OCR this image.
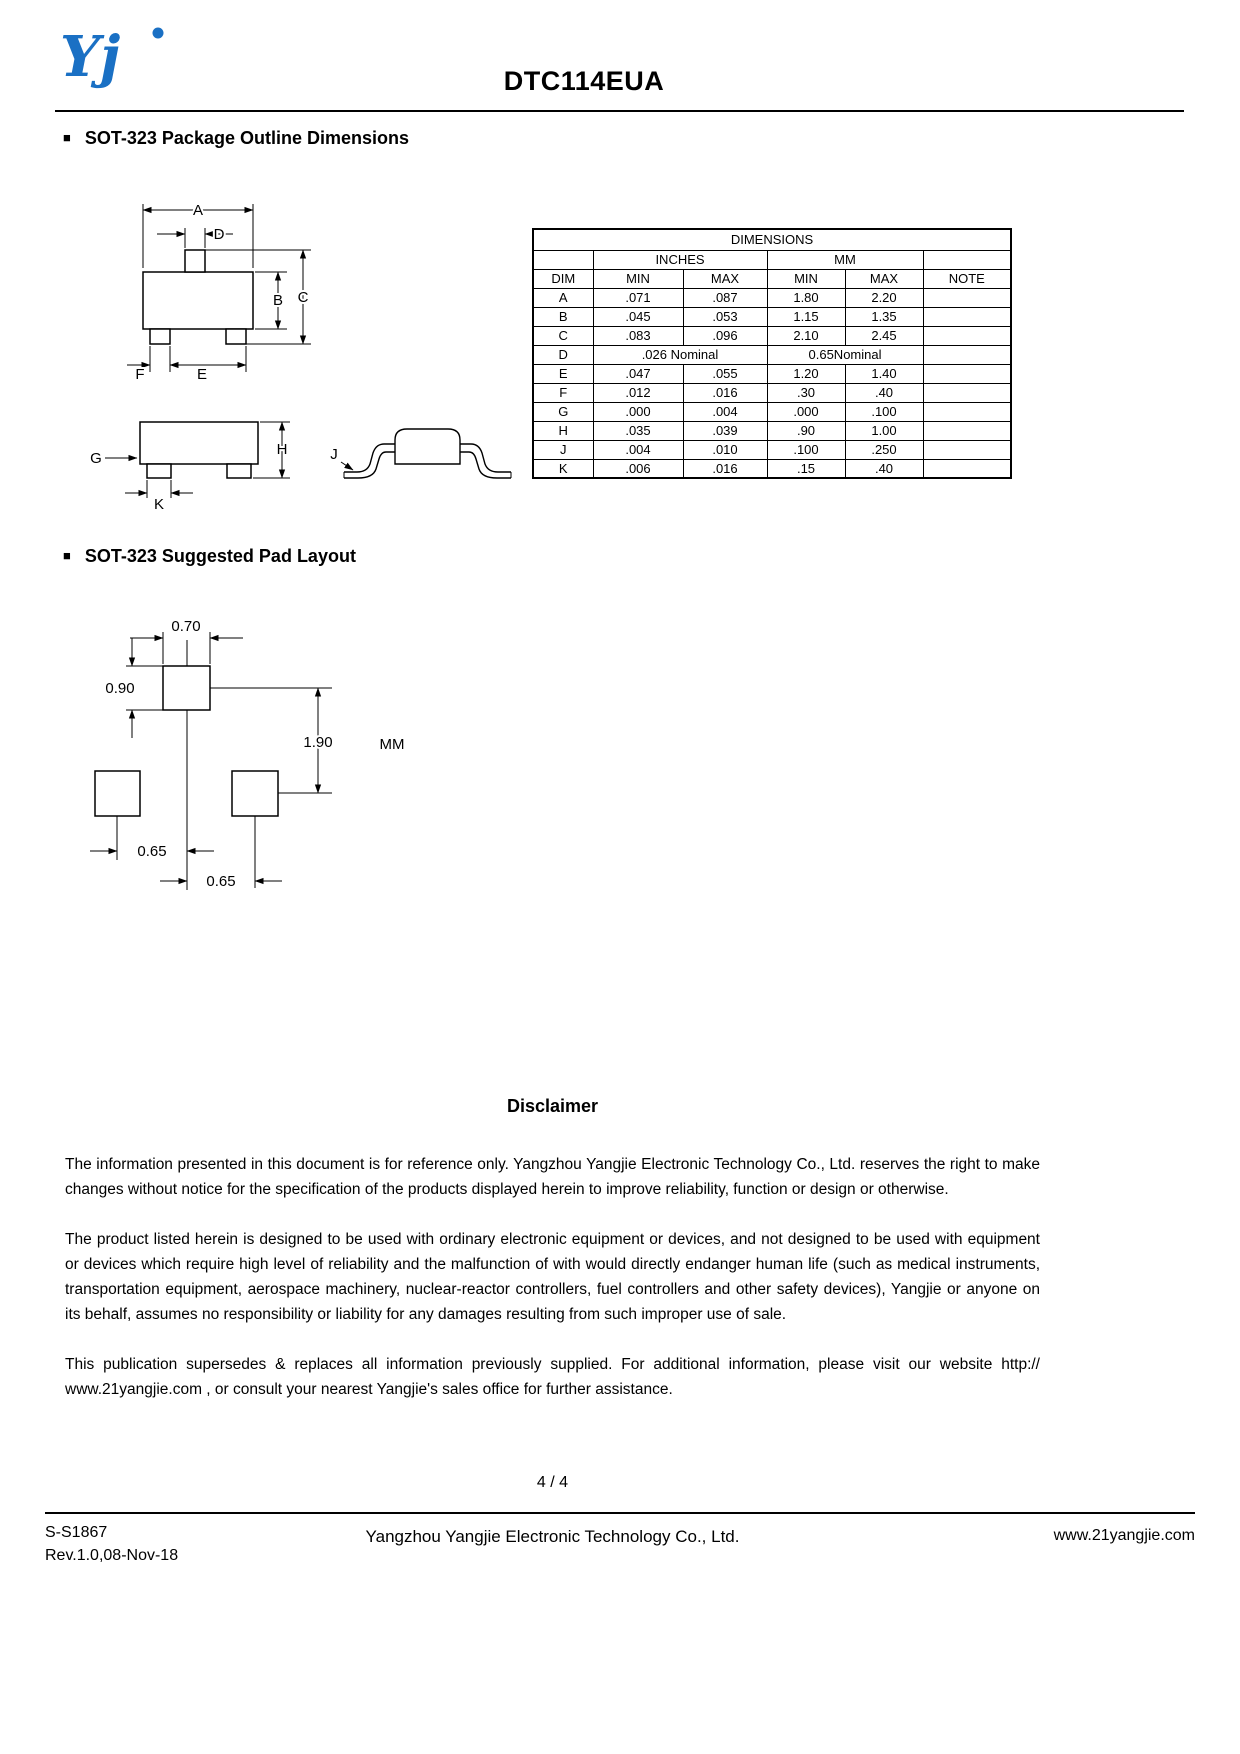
Yj	DTC114EUA
■ SOT-323 Package Outline Dimensions
A
D
B C
F	E
G
H
K
J
DIMENSIONS					
	INCHES		MM		
DIM	MIN	MAX	MIN	MAX	NOTE
A	.071	.087	1.80	2.20	
B	.045	.053	1.15	1.35	
C	.083	.096	2.10	2.45	
D	.026 Nominal		0.65Nominal		
E	.047	.055	1.20	1.40	
F	.012	.016	.30	.40	
G	.000	.004	.000	.100	
H	.035	.039	.90	1.00	
J	.004	.010	.100	.250	
K	.006	.016	.15	.40	
■ SOT-323 Suggested Pad Layout
0.70
0.90
1.90	MM
0.65
0.65
Disclaimer

The information presented in this document is for reference only. Yangzhou Yangjie Electronic Technology Co., Ltd. reserves the right to make changes without notice for the specification of the products displayed herein to improve reliability, function or design or otherwise.

The product listed herein is designed to be used with ordinary electronic equipment or devices, and not designed to be used with equipment or devices which require high level of reliability and the malfunction of with would directly endanger human life (such as medical instruments, transportation equipment, aerospace machinery, nuclear-reactor controllers, fuel controllers and other safety devices), Yangjie or anyone on its behalf, assumes no responsibility or liability for any damages resulting from such improper use of sale.

This publication supersedes & replaces all information previously supplied. For additional information, please visit our website http:// www.21yangjie.com , or consult your nearest Yangjie's sales office for further assistance.

4 / 4
S-S1867
Rev.1.0,08-Nov-18
Yangzhou Yangjie Electronic Technology Co., Ltd.	www.21yangjie.com
